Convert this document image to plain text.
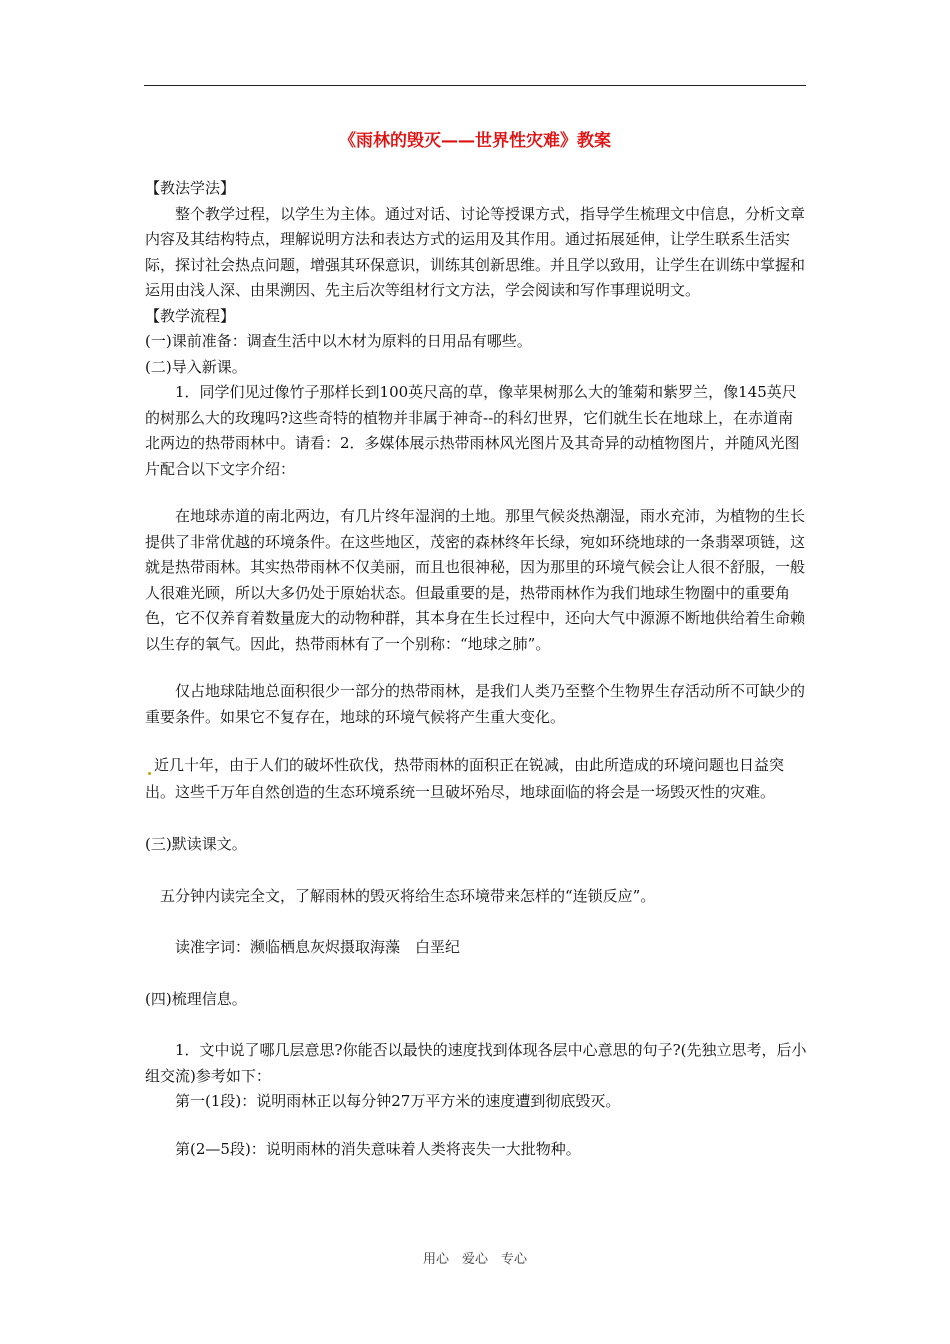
《雨林的毁灭——世界性灾难》教案

【教法学法】

整个教学过程，以学生为主体。通过对话、讨论等授课方式，指导学生梳理文中信息，分析文章内容及其结构特点，理解说明方法和表达方式的运用及其作用。通过拓展延伸，让学生联系生活实际，探讨社会热点问题，增强其环保意识，训练其创新思维。并且学以致用，让学生在训练中掌握和运用由浅人深、由果溯因、先主后次等组材行文方法，学会阅读和写作事理说明文。

【教学流程】

(一)课前准备：调查生活中以木材为原料的日用品有哪些。

(二)导入新课。

1．同学们见过像竹子那样长到100英尺高的草，像苹果树那么大的雏菊和紫罗兰，像145英尺的树那么大的玫瑰吗?这些奇特的植物并非属于神奇--的科幻世界，它们就生长在地球上，在赤道南北两边的热带雨林中。请看：2．多媒体展示热带雨林风光图片及其奇异的动植物图片，并随风光图片配合以下文字介绍：

在地球赤道的南北两边，有几片终年湿润的土地。那里气候炎热潮湿，雨水充沛，为植物的生长提供了非常优越的环境条件。在这些地区，茂密的森林终年长绿，宛如环绕地球的一条翡翠项链，这就是热带雨林。其实热带雨林不仅美丽，而且也很神秘，因为那里的环境气候会让人很不舒服，一般人很难光顾，所以大多仍处于原始状态。但最重要的是，热带雨林作为我们地球生物圈中的重要角色，它不仅养育着数量庞大的动物种群，其本身在生长过程中，还向大气中源源不断地供给着生命赖以生存的氧气。因此，热带雨林有了一个别称：“地球之肺”。

仅占地球陆地总面积很少一部分的热带雨林，是我们人类乃至整个生物界生存活动所不可缺少的重要条件。如果它不复存在，地球的环境气候将产生重大变化。

近几十年，由于人们的破坏性砍伐，热带雨林的面积正在锐减，由此所造成的环境问题也日益突出。这些千万年自然创造的生态环境系统一旦破坏殆尽，地球面临的将会是一场毁灭性的灾难。

(三)默读课文。

五分钟内读完全文，了解雨林的毁灭将给生态环境带来怎样的“连锁反应”。

读准字词：濒临栖息灰烬摄取海藻　白垩纪

(四)梳理信息。

1．文中说了哪几层意思?你能否以最快的速度找到体现各层中心意思的句子?(先独立思考，后小组交流)参考如下：

第一(1段)：说明雨林正以每分钟27万平方米的速度遭到彻底毁灭。

第(2—5段)：说明雨林的消失意味着人类将丧失一大批物种。

用心　爱心　专心
